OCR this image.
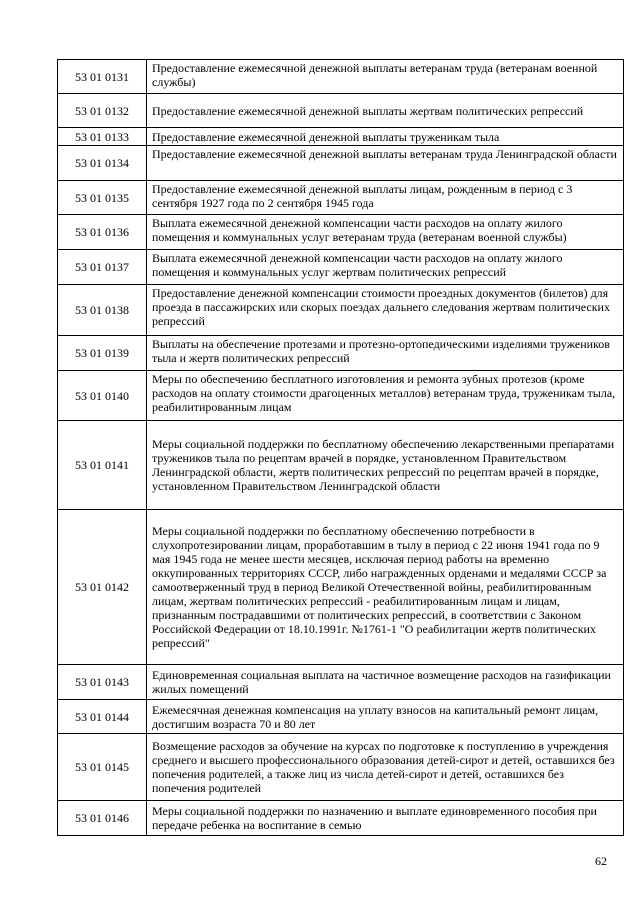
53 01 0131	Предоставление ежемесячной денежной выплаты ветеранам труда (ветеранам военной службы)
53 01 0132	Предоставление ежемесячной денежной выплаты жертвам политических репрессий
53 01 0133	Предоставление ежемесячной денежной выплаты труженикам тыла
53 01 0134	Предоставление ежемесячной денежной выплаты ветеранам труда Ленинградской области
53 01 0135	Предоставление ежемесячной денежной выплаты лицам, рожденным в период с 3 сентября 1927 года по 2 сентября 1945 года
53 01 0136	Выплата ежемесячной денежной компенсации части расходов на оплату жилого помещения и коммунальных услуг ветеранам труда (ветеранам военной службы)
53 01 0137	Выплата ежемесячной денежной компенсации части расходов на оплату жилого помещения и коммунальных услуг жертвам политических репрессий
53 01 0138	Предоставление денежной компенсации стоимости проездных документов (билетов) для проезда в пассажирских или скорых поездах дальнего следования жертвам политических репрессий
53 01 0139	Выплаты на обеспечение протезами и протезно-ортопедическими изделиями тружеников тыла и жертв политических репрессий
53 01 0140	Меры по обеспечению бесплатного изготовления и ремонта зубных протезов (кроме расходов на оплату стоимости драгоценных металлов) ветеранам труда, труженикам тыла, реабилитированным лицам
53 01 0141	Меры социальной поддержки по бесплатному обеспечению лекарственными препаратами тружеников тыла по рецептам врачей в порядке, установленном Правительством Ленинградской области, жертв политических репрессий по рецептам врачей в порядке, установленном Правительством Ленинградской области
53 01 0142	Меры социальной поддержки по бесплатному обеспечению потребности в слухопротезировании лицам, проработавшим в тылу в период с 22 июня 1941 года по 9 мая 1945 года не менее шести месяцев, исключая период работы на временно оккупированных территориях СССР, либо награжденных орденами и медалями СССР за самоотверженный труд в период Великой Отечественной войны, реабилитированным лицам, жертвам политических репрессий - реабилитированным лицам и лицам, признанным пострадавшими от политических репрессий, в соответствии с Законом Российской Федерации от 18.10.1991г. №1761-1 "О реабилитации жертв политических репрессий"
53 01 0143	Единовременная социальная выплата на частичное возмещение расходов на газификации жилых помещений
53 01 0144	Ежемесячная денежная компенсация на уплату взносов на капитальный ремонт лицам, достигшим возраста 70 и 80 лет
53 01 0145	Возмещение расходов за обучение на курсах по подготовке к поступлению в учреждения среднего и высшего профессионального образования детей-сирот и детей, оставшихся без попечения родителей, а также лиц из числа детей-сирот и детей, оставшихся без попечения родителей
53 01 0146	Меры социальной поддержки по назначению и выплате единовременного пособия при передаче ребенка на воспитание в семью
62
